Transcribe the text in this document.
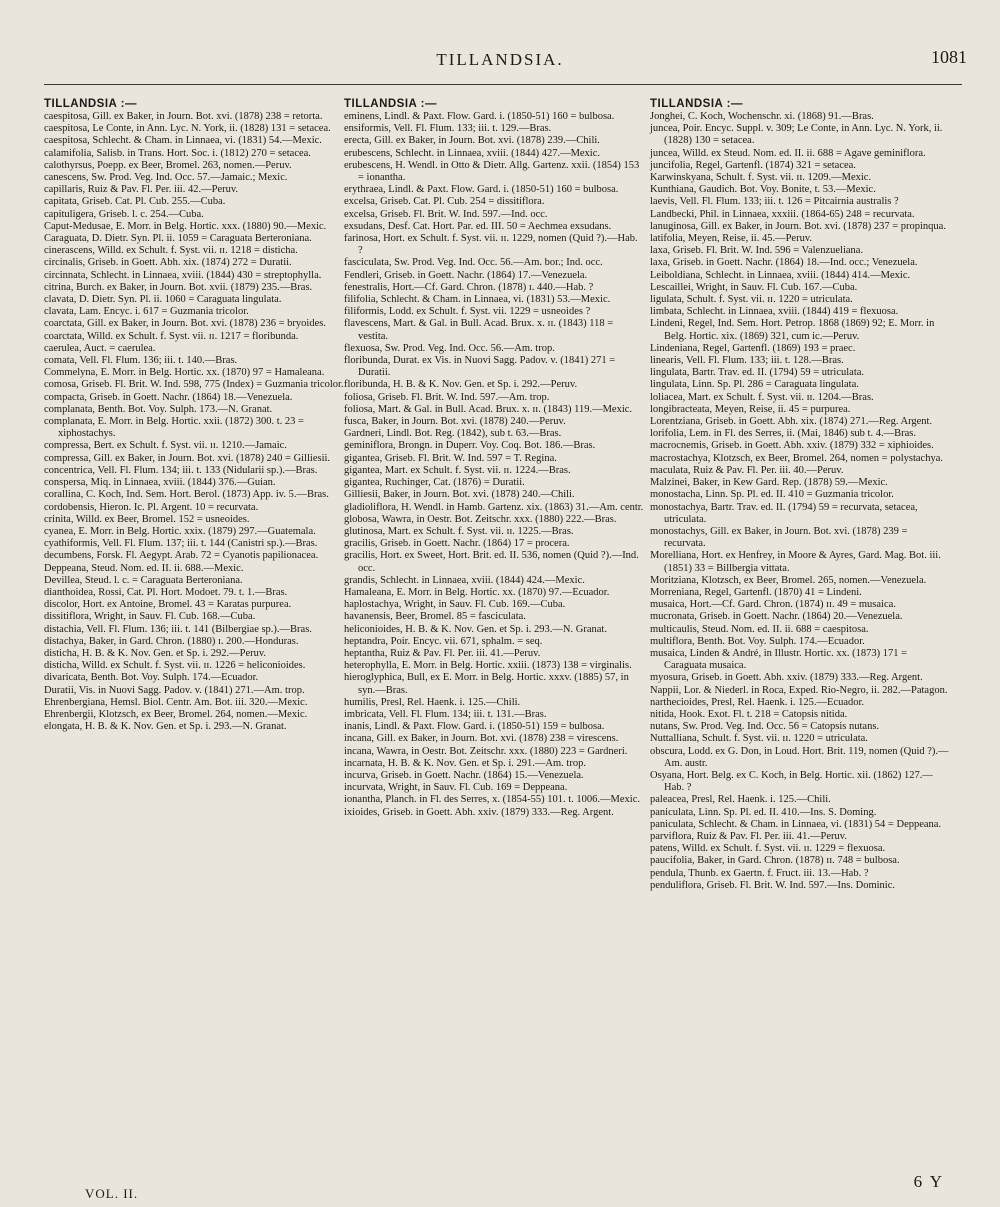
TILLANDSIA.	1081
TILLANDSIA :—
caespitosa, Gill. ex Baker, in Journ. Bot. xvi. (1878) 238 = retorta.
caespitosa, Le Conte, in Ann. Lyc. N. York, ii. (1828) 131 = setacea.
caespitosa, Schlecht. & Cham. in Linnaea, vi. (1831) 54.—Mexic.
calamifolia, Salisb. in Trans. Hort. Soc. i. (1812) 270 = setacea.
calothyrsus, Poepp. ex Beer, Bromel. 263, nomen.—Peruv.
canescens, Sw. Prod. Veg. Ind. Occ. 57.—Jamaic.; Mexic.
capillaris, Ruiz & Pav. Fl. Per. iii. 42.—Peruv.
capitata, Griseb. Cat. Pl. Cub. 255.—Cuba.
capituligera, Griseb. l. c. 254.—Cuba.
Caput-Medusae, E. Morr. in Belg. Hortic. xxx. (1880) 90.—Mexic.
Caraguata, D. Dietr. Syn. Pl. ii. 1059 = Caraguata Berteroniana.
cinerascens, Willd. ex Schult. f. Syst. vii. ɪɪ. 1218 = disticha.
circinalis, Griseb. in Goett. Abh. xix. (1874) 272 = Duratii.
circinnata, Schlecht. in Linnaea, xviii. (1844) 430 = streptophylla.
citrina, Burch. ex Baker, in Journ. Bot. xvii. (1879) 235.—Bras.
clavata, D. Dietr. Syn. Pl. ii. 1060 = Caraguata lingulata.
clavata, Lam. Encyc. i. 617 = Guzmania tricolor.
coarctata, Gill. ex Baker, in Journ. Bot. xvi. (1878) 236 = bryoides.
coarctata, Willd. ex Schult. f. Syst. vii. ɪɪ. 1217 = floribunda.
caerulea, Auct. = caerulea.
comata, Vell. Fl. Flum. 136; iii. t. 140.—Bras.
Commelyna, E. Morr. in Belg. Hortic. xx. (1870) 97 = Hamaleana.
comosa, Griseb. Fl. Brit. W. Ind. 598, 775 (Index) = Guzmania tricolor.
compacta, Griseb. in Goett. Nachr. (1864) 18.—Venezuela.
complanata, Benth. Bot. Voy. Sulph. 173.—N. Granat.
complanata, E. Morr. in Belg. Hortic. xxii. (1872) 300. t. 23 = xiphostachys.
compressa, Bert. ex Schult. f. Syst. vii. ɪɪ. 1210.—Jamaic.
compressa, Gill. ex Baker, in Journ. Bot. xvi. (1878) 240 = Gilliesii.
concentrica, Vell. Fl. Flum. 134; iii. t. 133 (Nidularii sp.).—Bras.
conspersa, Miq. in Linnaea, xviii. (1844) 376.—Guian.
corallina, C. Koch, Ind. Sem. Hort. Berol. (1873) App. iv. 5.—Bras.
cordobensis, Hieron. Ic. Pl. Argent. 10 = recurvata.
crinita, Willd. ex Beer, Bromel. 152 = usneoides.
cyanea, E. Morr. in Belg. Hortic. xxix. (1879) 297.—Guatemala.
cyathiformis, Vell. Fl. Flum. 137; iii. t. 144 (Canistri sp.).—Bras.
decumbens, Forsk. Fl. Aegypt. Arab. 72 = Cyanotis papilionacea.
Deppeana, Steud. Nom. ed. II. ii. 688.—Mexic.
Devillea, Steud. l. c. = Caraguata Berteroniana.
dianthoidea, Rossi, Cat. Pl. Hort. Modoet. 79. t. 1.—Bras.
discolor, Hort. ex Antoine, Bromel. 43 = Karatas purpurea.
dissitiflora, Wright, in Sauv. Fl. Cub. 168.—Cuba.
distachia, Vell. Fl. Flum. 136; iii. t. 141 (Bilbergiae sp.).—Bras.
distachya, Baker, in Gard. Chron. (1880) ɪ. 200.—Honduras.
disticha, H. B. & K. Nov. Gen. et Sp. i. 292.—Peruv.
disticha, Willd. ex Schult. f. Syst. vii. ɪɪ. 1226 = heliconioides.
divaricata, Benth. Bot. Voy. Sulph. 174.—Ecuador.
Duratii, Vis. in Nuovi Sagg. Padov. v. (1841) 271.—Am. trop.
Ehrenbergiana, Hemsl. Biol. Centr. Am. Bot. iii. 320.—Mexic.
Ehrenbergii, Klotzsch, ex Beer, Bromel. 264, nomen.—Mexic.
elongata, H. B. & K. Nov. Gen. et Sp. i. 293.—N. Granat.
TILLANDSIA :—
eminens, Lindl. & Paxt. Flow. Gard. i. (1850-51) 160 = bulbosa.
ensiformis, Vell. Fl. Flum. 133; iii. t. 129.—Bras.
erecta, Gill. ex Baker, in Journ. Bot. xvi. (1878) 239.—Chili.
erubescens, Schlecht. in Linnaea, xviii. (1844) 427.—Mexic.
erubescens, H. Wendl. in Otto & Dietr. Allg. Gartenz. xxii. (1854) 153 = ionantha.
erythraea, Lindl. & Paxt. Flow. Gard. i. (1850-51) 160 = bulbosa.
excelsa, Griseb. Cat. Pl. Cub. 254 = dissitiflora.
excelsa, Griseb. Fl. Brit. W. Ind. 597.—Ind. occ.
exsudans, Desf. Cat. Hort. Par. ed. III. 50 = Aechmea exsudans.
farinosa, Hort. ex Schult. f. Syst. vii. ɪɪ. 1229, nomen (Quid ?).—Hab. ?
fasciculata, Sw. Prod. Veg. Ind. Occ. 56.—Am. bor.; Ind. occ.
Fendleri, Griseb. in Goett. Nachr. (1864) 17.—Venezuela.
fenestralis, Hort.—Cf. Gard. Chron. (1878) ɪ. 440.—Hab. ?
filifolia, Schlecht. & Cham. in Linnaea, vi. (1831) 53.—Mexic.
filiformis, Lodd. ex Schult. f. Syst. vii. 1229 = usneoides ?
flavescens, Mart. & Gal. in Bull. Acad. Brux. x. ɪɪ. (1843) 118 = vestita.
flexuosa, Sw. Prod. Veg. Ind. Occ. 56.—Am. trop.
floribunda, Durat. ex Vis. in Nuovi Sagg. Padov. v. (1841) 271 = Duratii.
floribunda, H. B. & K. Nov. Gen. et Sp. i. 292.—Peruv.
foliosa, Griseb. Fl. Brit. W. Ind. 597.—Am. trop.
foliosa, Mart. & Gal. in Bull. Acad. Brux. x. ɪɪ. (1843) 119.—Mexic.
fusca, Baker, in Journ. Bot. xvi. (1878) 240.—Peruv.
Gardneri, Lindl. Bot. Reg. (1842), sub t. 63.—Bras.
geminiflora, Brongn. in Duperr. Voy. Coq. Bot. 186.—Bras.
gigantea, Griseb. Fl. Brit. W. Ind. 597 = T. Regina.
gigantea, Mart. ex Schult. f. Syst. vii. ɪɪ. 1224.—Bras.
gigantea, Ruchinger, Cat. (1876) = Duratii.
Gilliesii, Baker, in Journ. Bot. xvi. (1878) 240.—Chili.
gladioliflora, H. Wendl. in Hamb. Gartenz. xix. (1863) 31.—Am. centr.
globosa, Wawra, in Oestr. Bot. Zeitschr. xxx. (1880) 222.—Bras.
glutinosa, Mart. ex Schult. f. Syst. vii. ɪɪ. 1225.—Bras.
gracilis, Griseb. in Goett. Nachr. (1864) 17 = procera.
gracilis, Hort. ex Sweet, Hort. Brit. ed. II. 536, nomen (Quid ?).—Ind. occ.
grandis, Schlecht. in Linnaea, xviii. (1844) 424.—Mexic.
Hamaleana, E. Morr. in Belg. Hortic. xx. (1870) 97.—Ecuador.
haplostachya, Wright, in Sauv. Fl. Cub. 169.—Cuba.
havanensis, Beer, Bromel. 85 = fasciculata.
heliconioides, H. B. & K. Nov. Gen. et Sp. i. 293.—N. Granat.
heptandra, Poir. Encyc. vii. 671, sphalm. = seq.
heptantha, Ruiz & Pav. Fl. Per. iii. 41.—Peruv.
heterophylla, E. Morr. in Belg. Hortic. xxiii. (1873) 138 = virginalis.
hieroglyphica, Bull, ex E. Morr. in Belg. Hortic. xxxv. (1885) 57, in syn.—Bras.
humilis, Presl, Rel. Haenk. i. 125.—Chili.
imbricata, Vell. Fl. Flum. 134; iii. t. 131.—Bras.
inanis, Lindl. & Paxt. Flow. Gard. i. (1850-51) 159 = bulbosa.
incana, Gill. ex Baker, in Journ. Bot. xvi. (1878) 238 = virescens.
incana, Wawra, in Oestr. Bot. Zeitschr. xxx. (1880) 223 = Gardneri.
incarnata, H. B. & K. Nov. Gen. et Sp. i. 291.—Am. trop.
incurva, Griseb. in Goett. Nachr. (1864) 15.—Venezuela.
incurvata, Wright, in Sauv. Fl. Cub. 169 = Deppeana.
ionantha, Planch. in Fl. des Serres, x. (1854-55) 101. t. 1006.—Mexic.
ixioides, Griseb. in Goett. Abh. xxiv. (1879) 333.—Reg. Argent.
TILLANDSIA :—
Jonghei, C. Koch, Wochenschr. xi. (1868) 91.—Bras.
juncea, Poir. Encyc. Suppl. v. 309; Le Conte, in Ann. Lyc. N. York, ii. (1828) 130 = setacea.
juncea, Willd. ex Steud. Nom. ed. II. ii. 688 = Agave geminiflora.
juncifolia, Regel, Gartenfl. (1874) 321 = setacea.
Karwinskyana, Schult. f. Syst. vii. ɪɪ. 1209.—Mexic.
Kunthiana, Gaudich. Bot. Voy. Bonite, t. 53.—Mexic.
laevis, Vell. Fl. Flum. 133; iii. t. 126 = Pitcairnia australis ?
Landbecki, Phil. in Linnaea, xxxiii. (1864-65) 248 = recurvata.
lanuginosa, Gill. ex Baker, in Journ. Bot. xvi. (1878) 237 = propinqua.
latifolia, Meyen, Reise, ii. 45.—Peruv.
laxa, Griseb. Fl. Brit. W. Ind. 596 = Valenzueliana.
laxa, Griseb. in Goett. Nachr. (1864) 18.—Ind. occ.; Venezuela.
Leiboldiana, Schlecht. in Linnaea, xviii. (1844) 414.—Mexic.
Lescaillei, Wright, in Sauv. Fl. Cub. 167.—Cuba.
ligulata, Schult. f. Syst. vii. ɪɪ. 1220 = utriculata.
limbata, Schlecht. in Linnaea, xviii. (1844) 419 = flexuosa.
Lindeni, Regel, Ind. Sem. Hort. Petrop. 1868 (1869) 92; E. Morr. in Belg. Hortic. xix. (1869) 321, cum ic.—Peruv.
Lindeniana, Regel, Gartenfl. (1869) 193 = praec.
linearis, Vell. Fl. Flum. 133; iii. t. 128.—Bras.
lingulata, Bartr. Trav. ed. II. (1794) 59 = utriculata.
lingulata, Linn. Sp. Pl. 286 = Caraguata lingulata.
loliacea, Mart. ex Schult. f. Syst. vii. ɪɪ. 1204.—Bras.
longibracteata, Meyen, Reise, ii. 45 = purpurea.
Lorentziana, Griseb. in Goett. Abh. xix. (1874) 271.—Reg. Argent.
lorifolia, Lem. in Fl. des Serres, ii. (Mai, 1846) sub t. 4.—Bras.
macrocnemis, Griseb. in Goett. Abh. xxiv. (1879) 332 = xiphioides.
macrostachya, Klotzsch, ex Beer, Bromel. 264, nomen = polystachya.
maculata, Ruiz & Pav. Fl. Per. iii. 40.—Peruv.
Malzinei, Baker, in Kew Gard. Rep. (1878) 59.—Mexic.
monostacha, Linn. Sp. Pl. ed. II. 410 = Guzmania tricolor.
monostachya, Bartr. Trav. ed. II. (1794) 59 = recurvata, setacea, utriculata.
monostachys, Gill. ex Baker, in Journ. Bot. xvi. (1878) 239 = recurvata.
Morelliana, Hort. ex Henfrey, in Moore & Ayres, Gard. Mag. Bot. iii. (1851) 33 = Billbergia vittata.
Moritziana, Klotzsch, ex Beer, Bromel. 265, nomen.—Venezuela.
Morreniana, Regel, Gartenfl. (1870) 41 = Lindeni.
musaica, Hort.—Cf. Gard. Chron. (1874) ɪɪ. 49 = musaica.
mucronata, Griseb. in Goett. Nachr. (1864) 20.—Venezuela.
multicaulis, Steud. Nom. ed. II. ii. 688 = caespitosa.
multiflora, Benth. Bot. Voy. Sulph. 174.—Ecuador.
musaica, Linden & André, in Illustr. Hortic. xx. (1873) 171 = Caraguata musaica.
myosura, Griseb. in Goett. Abh. xxiv. (1879) 333.—Reg. Argent.
Nappii, Lor. & Niederl. in Roca, Exped. Rio-Negro, ii. 282.—Patagon.
narthecioides, Presl, Rel. Haenk. i. 125.—Ecuador.
nitida, Hook. Exot. Fl. t. 218 = Catopsis nitida.
nutans, Sw. Prod. Veg. Ind. Occ. 56 = Catopsis nutans.
Nuttalliana, Schult. f. Syst. vii. ɪɪ. 1220 = utriculata.
obscura, Lodd. ex G. Don, in Loud. Hort. Brit. 119, nomen (Quid ?).—Am. austr.
Osyana, Hort. Belg. ex C. Koch, in Belg. Hortic. xii. (1862) 127.—Hab. ?
paleacea, Presl, Rel. Haenk. i. 125.—Chili.
paniculata, Linn. Sp. Pl. ed. II. 410.—Ins. S. Doming.
paniculata, Schlecht. & Cham. in Linnaea, vi. (1831) 54 = Deppeana.
parviflora, Ruiz & Pav. Fl. Per. iii. 41.—Peruv.
patens, Willd. ex Schult. f. Syst. vii. ɪɪ. 1229 = flexuosa.
paucifolia, Baker, in Gard. Chron. (1878) ɪɪ. 748 = bulbosa.
pendula, Thunb. ex Gaertn. f. Fruct. iii. 13.—Hab. ?
penduliflora, Griseb. Fl. Brit. W. Ind. 597.—Ins. Dominic.
VOL. II.
6 Y
